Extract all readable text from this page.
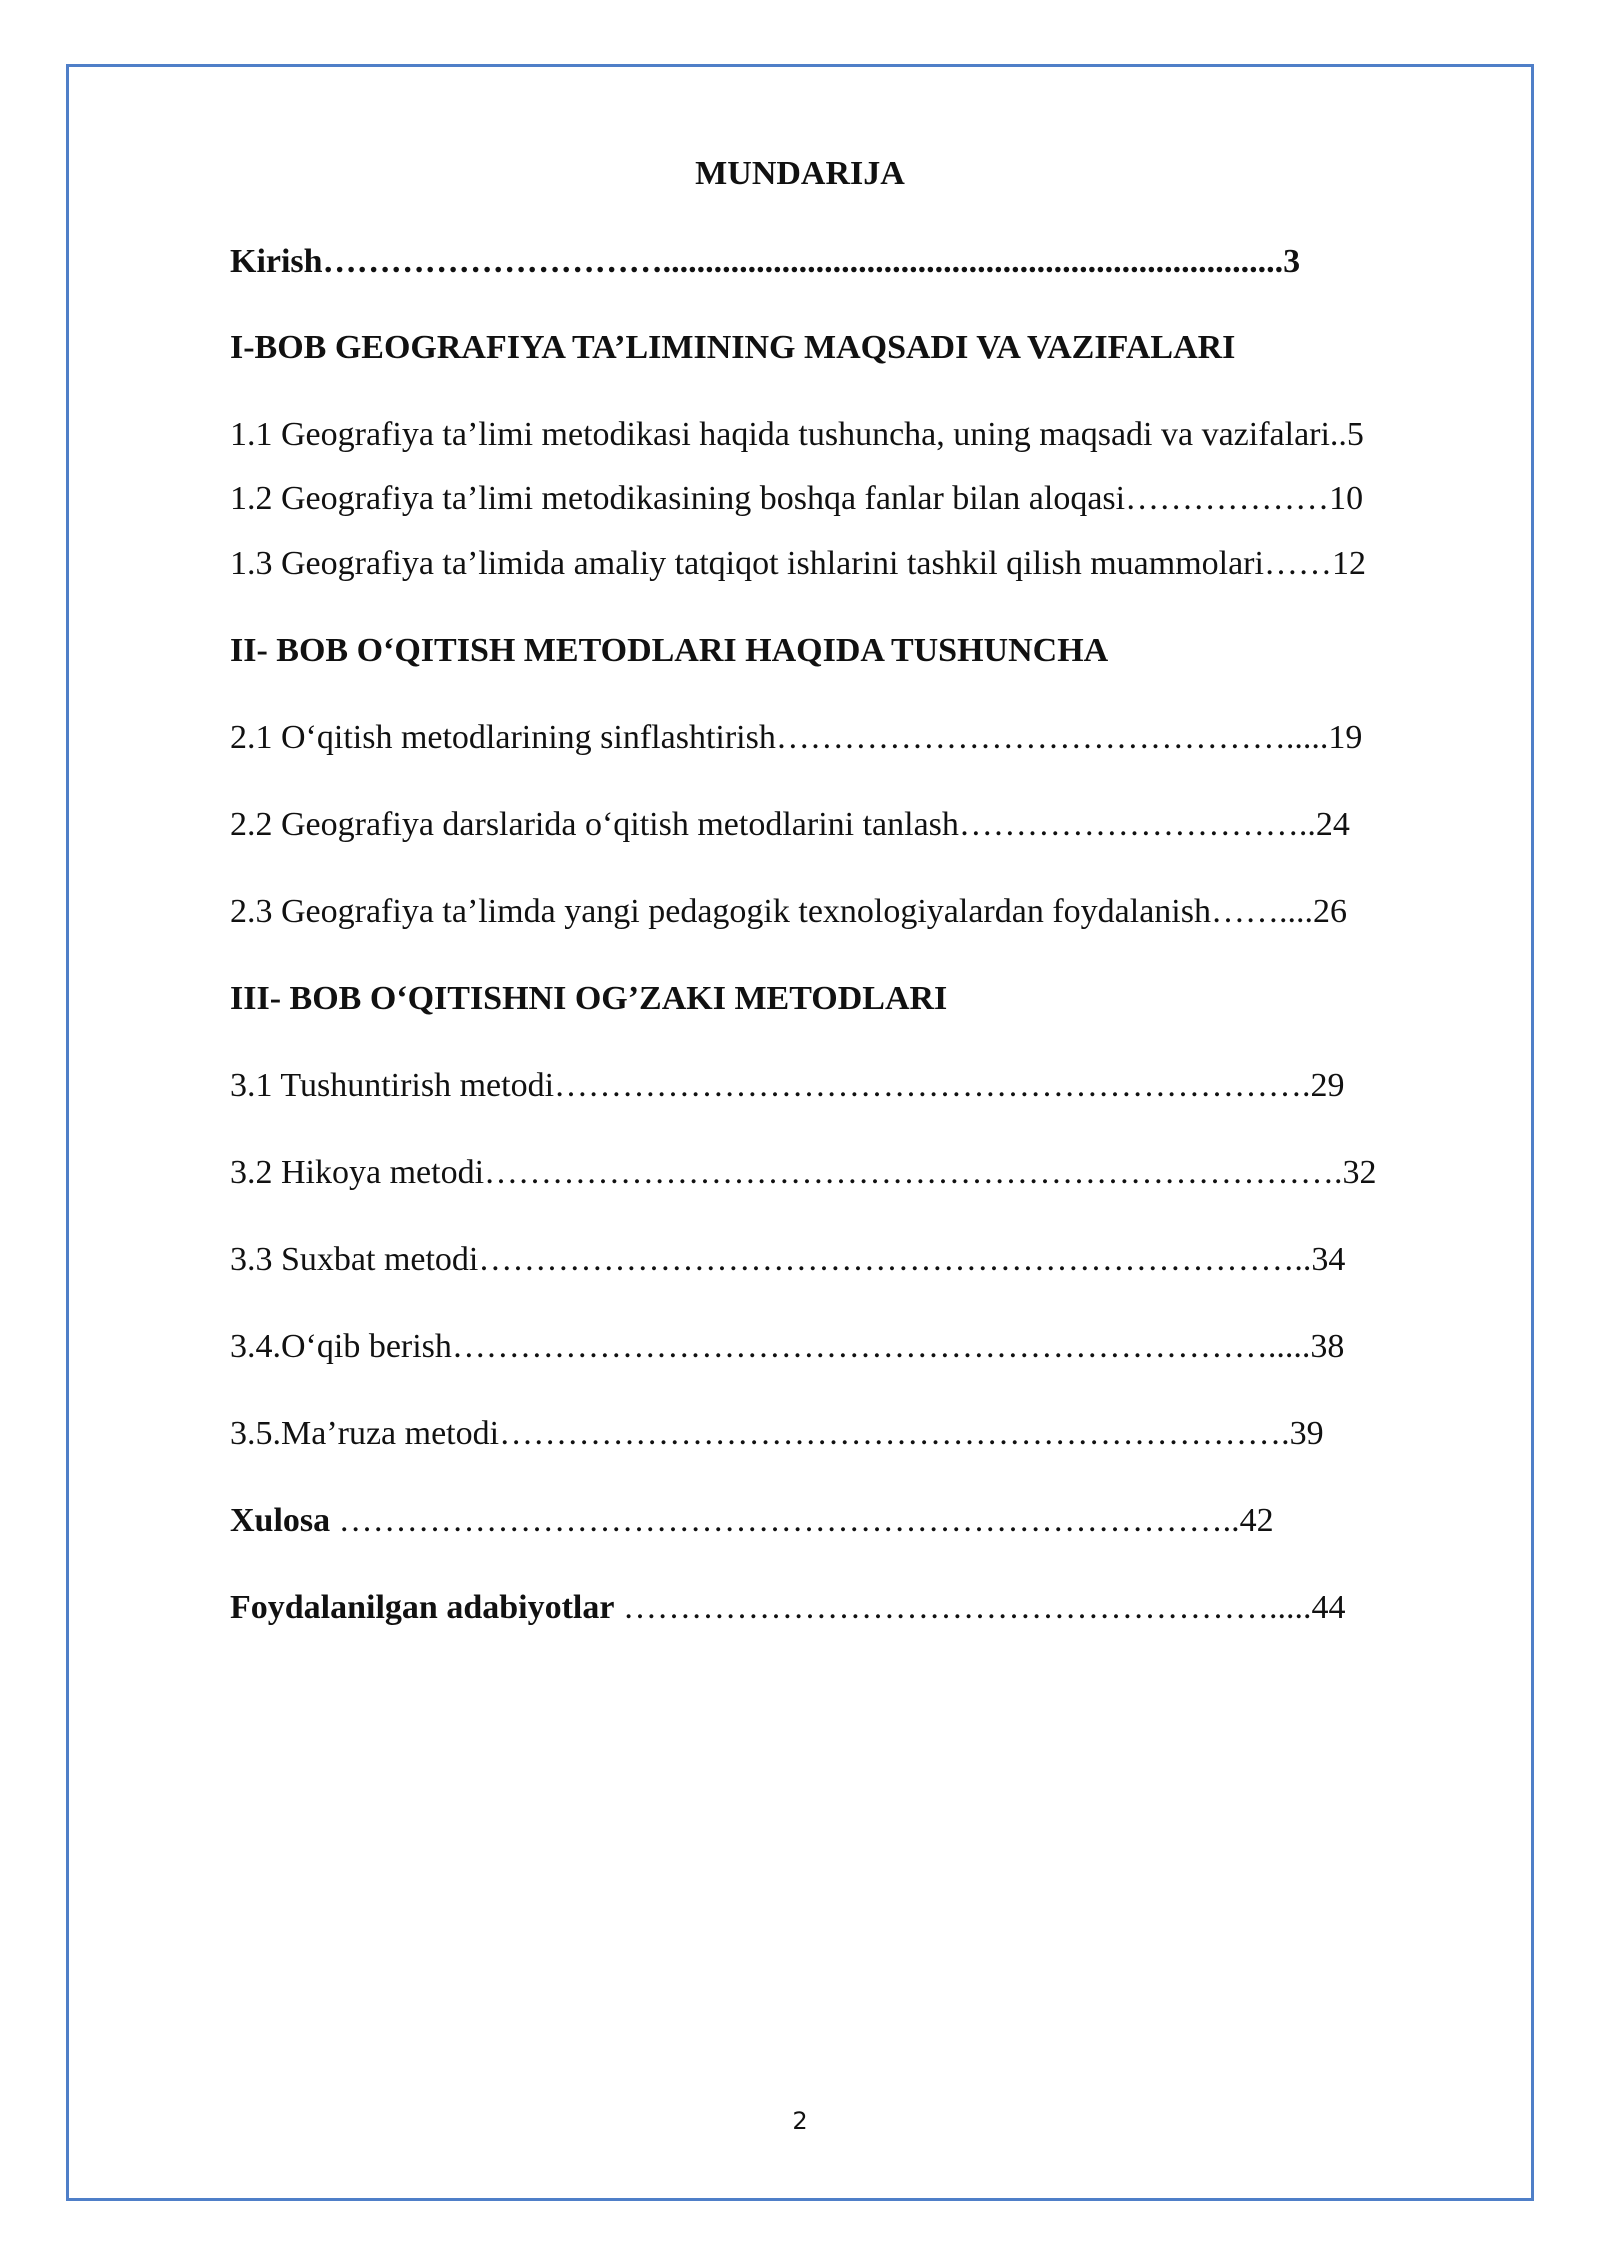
MUNDARIJA
Kirish………………………….........................................................................3
I-BOB GEOGRAFIYA TA’LIMINING MAQSADI VA VAZIFALARI
1.1 Geografiya ta’limi metodikasi haqida tushuncha, uning maqsadi va vazifalari..5
1.2 Geografiya ta’limi metodikasining boshqa fanlar bilan aloqasi………………10
1.3 Geografiya ta’limida amaliy tatqiqot ishlarini tashkil qilish muammolari……12
II- BOB O‘QITISH METODLARI HAQIDA TUSHUNCHA
2.1 O‘qitish metodlarining sinflashtirish……………………………………….....19
2.2 Geografiya darslarida o‘qitish metodlarini tanlash…………………………..24
2.3 Geografiya ta’limda yangi pedagogik texnologiyalardan foydalanish……....26
III- BOB O‘QITISHNI OG’ZAKI METODLARI
3.1 Tushuntirish metodi………………………………………………………….29
3.2 Hikoya metodi………………………………………………………………….32
3.3 Suxbat metodi………………………………………………………………..34
3.4.O‘qib berish……………………………………………………………….....38
3.5.Ma’ruza metodi…………………………………………………………….39
Xulosa ……………………………………………………………………..42
Foydalanilgan adabiyotlar ………………………………………………….....44
2
